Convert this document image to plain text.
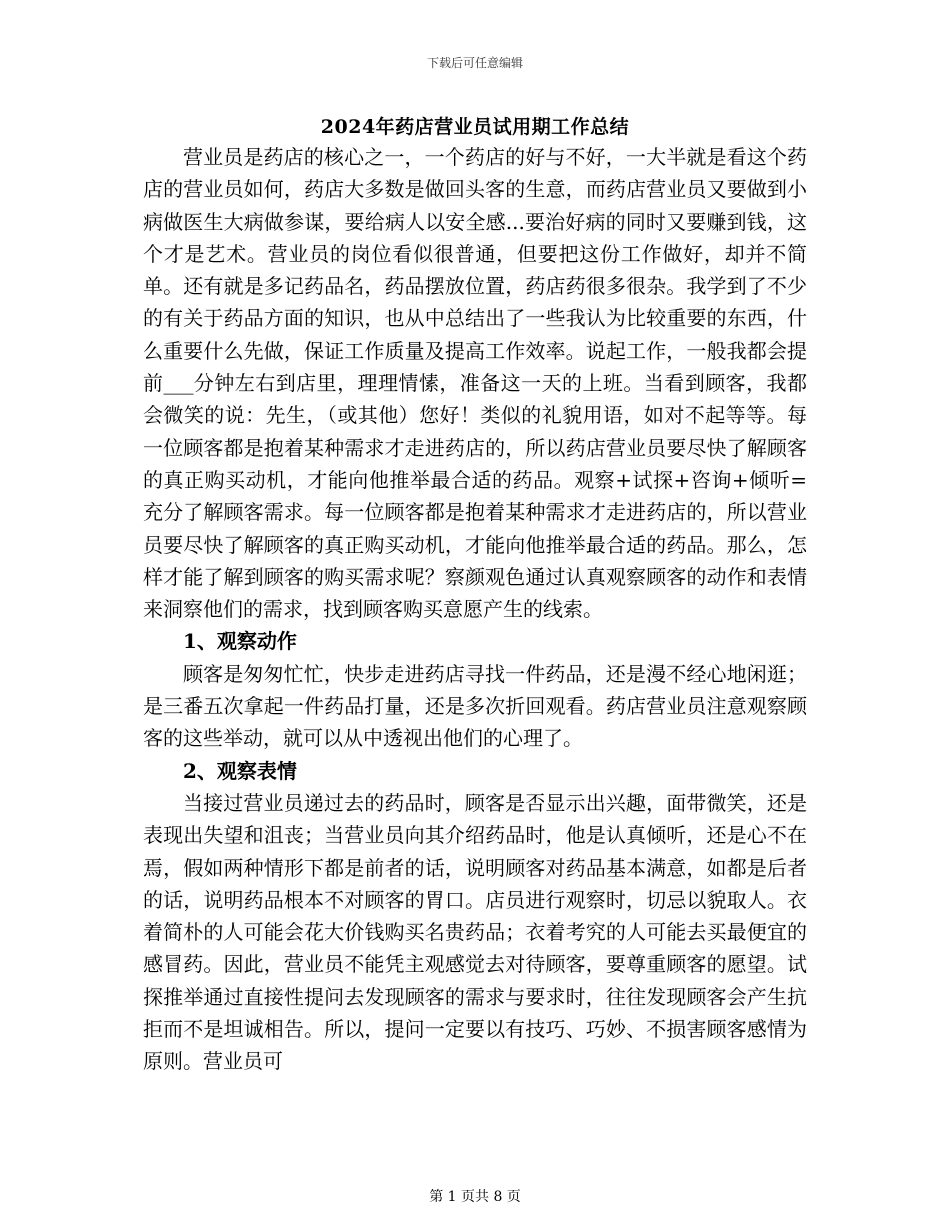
下载后可任意编辑
2024年药店营业员试用期工作总结

营业员是药店的核心之一，一个药店的好与不好，一大半就是看这个药店的营业员如何，药店大多数是做回头客的生意，而药店营业员又要做到小病做医生大病做参谋，要给病人以安全感...要治好病的同时又要赚到钱，这个才是艺术。营业员的岗位看似很普通，但要把这份工作做好，却并不简单。还有就是多记药品名，药品摆放位置，药店药很多很杂。我学到了不少的有关于药品方面的知识，也从中总结出了一些我认为比较重要的东西，什么重要什么先做，保证工作质量及提高工作效率。说起工作，一般我都会提前___分钟左右到店里，理理情愫，准备这一天的上班。当看到顾客，我都会微笑的说：先生，（或其他）您好！类似的礼貌用语，如对不起等等。每一位顾客都是抱着某种需求才走进药店的，所以药店营业员要尽快了解顾客的真正购买动机，才能向他推举最合适的药品。观察+试探+咨询+倾听=充分了解顾客需求。每一位顾客都是抱着某种需求才走进药店的，所以营业员要尽快了解顾客的真正购买动机，才能向他推举最合适的药品。那么，怎样才能了解到顾客的购买需求呢？察颜观色通过认真观察顾客的动作和表情来洞察他们的需求，找到顾客购买意愿产生的线索。

1、观察动作

顾客是匆匆忙忙，快步走进药店寻找一件药品，还是漫不经心地闲逛；是三番五次拿起一件药品打量，还是多次折回观看。药店营业员注意观察顾客的这些举动，就可以从中透视出他们的心理了。

2、观察表情

当接过营业员递过去的药品时，顾客是否显示出兴趣，面带微笑，还是表现出失望和沮丧；当营业员向其介绍药品时，他是认真倾听，还是心不在焉，假如两种情形下都是前者的话，说明顾客对药品基本满意，如都是后者的话，说明药品根本不对顾客的胃口。店员进行观察时，切忌以貌取人。衣着简朴的人可能会花大价钱购买名贵药品；衣着考究的人可能去买最便宜的感冒药。因此，营业员不能凭主观感觉去对待顾客，要尊重顾客的愿望。试探推举通过直接性提问去发现顾客的需求与要求时，往往发现顾客会产生抗拒而不是坦诚相告。所以，提问一定要以有技巧、巧妙、不损害顾客感情为原则。营业员可

第 1 页共 8 页
